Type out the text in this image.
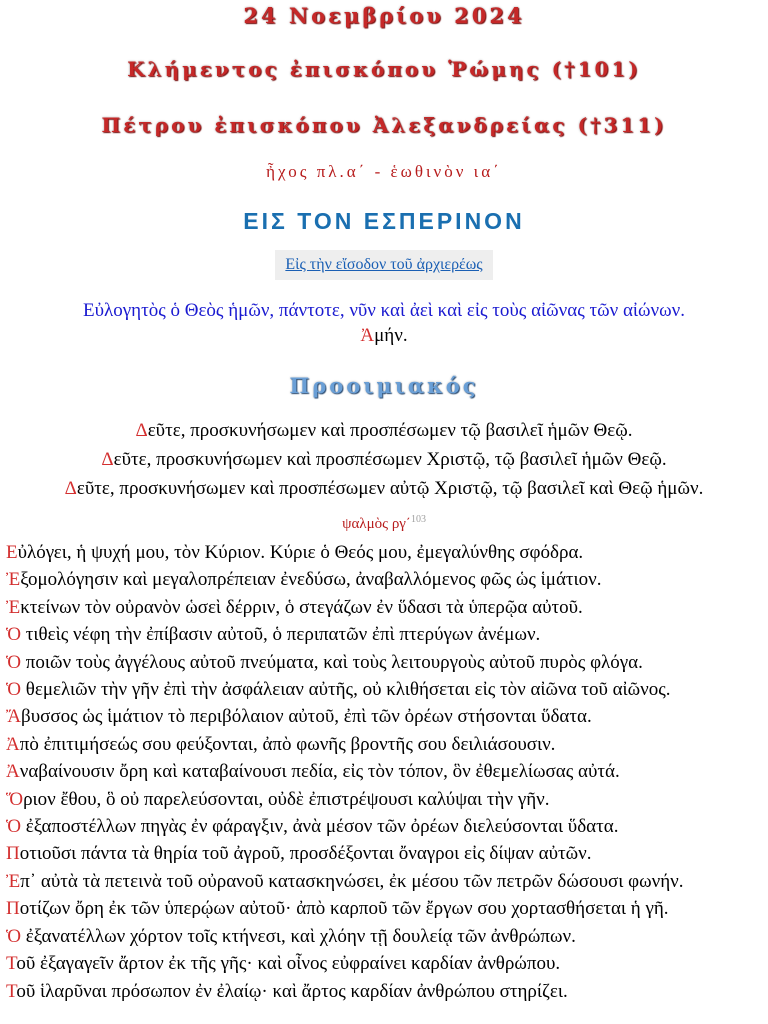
24 Νοεμβρίου 2024
Κλήμεντος ἐπισκόπου Ῥώμης (†101)
Πέτρου ἐπισκόπου Ἀλεξανδρείας (†311)
ἦχος πλ.α΄ - ἑωθινὸν ια΄
ΕΙΣ ΤΟΝ ΕΣΠΕΡΙΝΟΝ
Εἰς τὴν εἴσοδον τοῦ ἀρχιερέως
Εὐλογητὸς ὁ Θεὸς ἡμῶν, πάντοτε, νῦν καὶ ἀεὶ καὶ εἰς τοὺς αἰῶνας τῶν αἰώνων.
Ἀμήν.
Προοιμιακός
Δεῦτε, προσκυνήσωμεν καὶ προσπέσωμεν τῷ βασιλεῖ ἡμῶν Θεῷ.
Δεῦτε, προσκυνήσωμεν καὶ προσπέσωμεν Χριστῷ, τῷ βασιλεῖ ἡμῶν Θεῷ.
Δεῦτε, προσκυνήσωμεν καὶ προσπέσωμεν αὐτῷ Χριστῷ, τῷ βασιλεῖ καὶ Θεῷ ἡμῶν.
ψαλμὸς ργ΄$^{103}$
Εὐλόγει, ἡ ψυχή μου, τὸν Κύριον. Κύριε ὁ Θεός μου, ἐμεγαλύνθης σφόδρα.
Ἐξομολόγησιν καὶ μεγαλοπρέπειαν ἐνεδύσω, ἀναβαλλόμενος φῶς ὡς ἱμάτιον.
Ἐκτείνων τὸν οὐρανὸν ὡσεὶ δέρριν, ὁ στεγάζων ἐν ὕδασι τὰ ὑπερῷα αὐτοῦ.
Ὁ τιθεὶς νέφη τὴν ἐπίβασιν αὐτοῦ, ὁ περιπατῶν ἐπὶ πτερύγων ἀνέμων.
Ὁ ποιῶν τοὺς ἀγγέλους αὐτοῦ πνεύματα, καὶ τοὺς λειτουργοὺς αὐτοῦ πυρὸς φλόγα.
Ὁ θεμελιῶν τὴν γῆν ἐπὶ τὴν ἀσφάλειαν αὐτῆς, οὐ κλιθήσεται εἰς τὸν αἰῶνα τοῦ αἰῶνος.
Ἄβυσσος ὡς ἱμάτιον τὸ περιβόλαιον αὐτοῦ, ἐπὶ τῶν ὀρέων στήσονται ὕδατα.
Ἀπὸ ἐπιτιμήσεώς σου φεύξονται, ἀπὸ φωνῆς βροντῆς σου δειλιάσουσιν.
Ἀναβαίνουσιν ὄρη καὶ καταβαίνουσι πεδία, εἰς τὸν τόπον, ὃν ἐθεμελίωσας αὐτά.
Ὅριον ἔθου, ὃ οὐ παρελεύσονται, οὐδὲ ἐπιστρέψουσι καλύψαι τὴν γῆν.
Ὁ ἐξαποστέλλων πηγὰς ἐν φάραγξιν, ἀνὰ μέσον τῶν ὀρέων διελεύσονται ὕδατα.
Ποτιοῦσι πάντα τὰ θηρία τοῦ ἀγροῦ, προσδέξονται ὄναγροι εἰς δίψαν αὐτῶν.
Ἐπ᾿ αὐτὰ τὰ πετεινὰ τοῦ οὐρανοῦ κατασκηνώσει, ἐκ μέσου τῶν πετρῶν δώσουσι φωνήν.
Ποτίζων ὄρη ἐκ τῶν ὑπερῴων αὐτοῦ· ἀπὸ καρποῦ τῶν ἔργων σου χορτασθήσεται ἡ γῆ.
Ὁ ἐξανατέλλων χόρτον τοῖς κτήνεσι, καὶ χλόην τῇ δουλείᾳ τῶν ἀνθρώπων.
Τοῦ ἐξαγαγεῖν ἄρτον ἐκ τῆς γῆς· καὶ οἶνος εὐφραίνει καρδίαν ἀνθρώπου.
Τοῦ ἱλαρῦναι πρόσωπον ἐν ἐλαίῳ· καὶ ἄρτος καρδίαν ἀνθρώπου στηρίζει.
